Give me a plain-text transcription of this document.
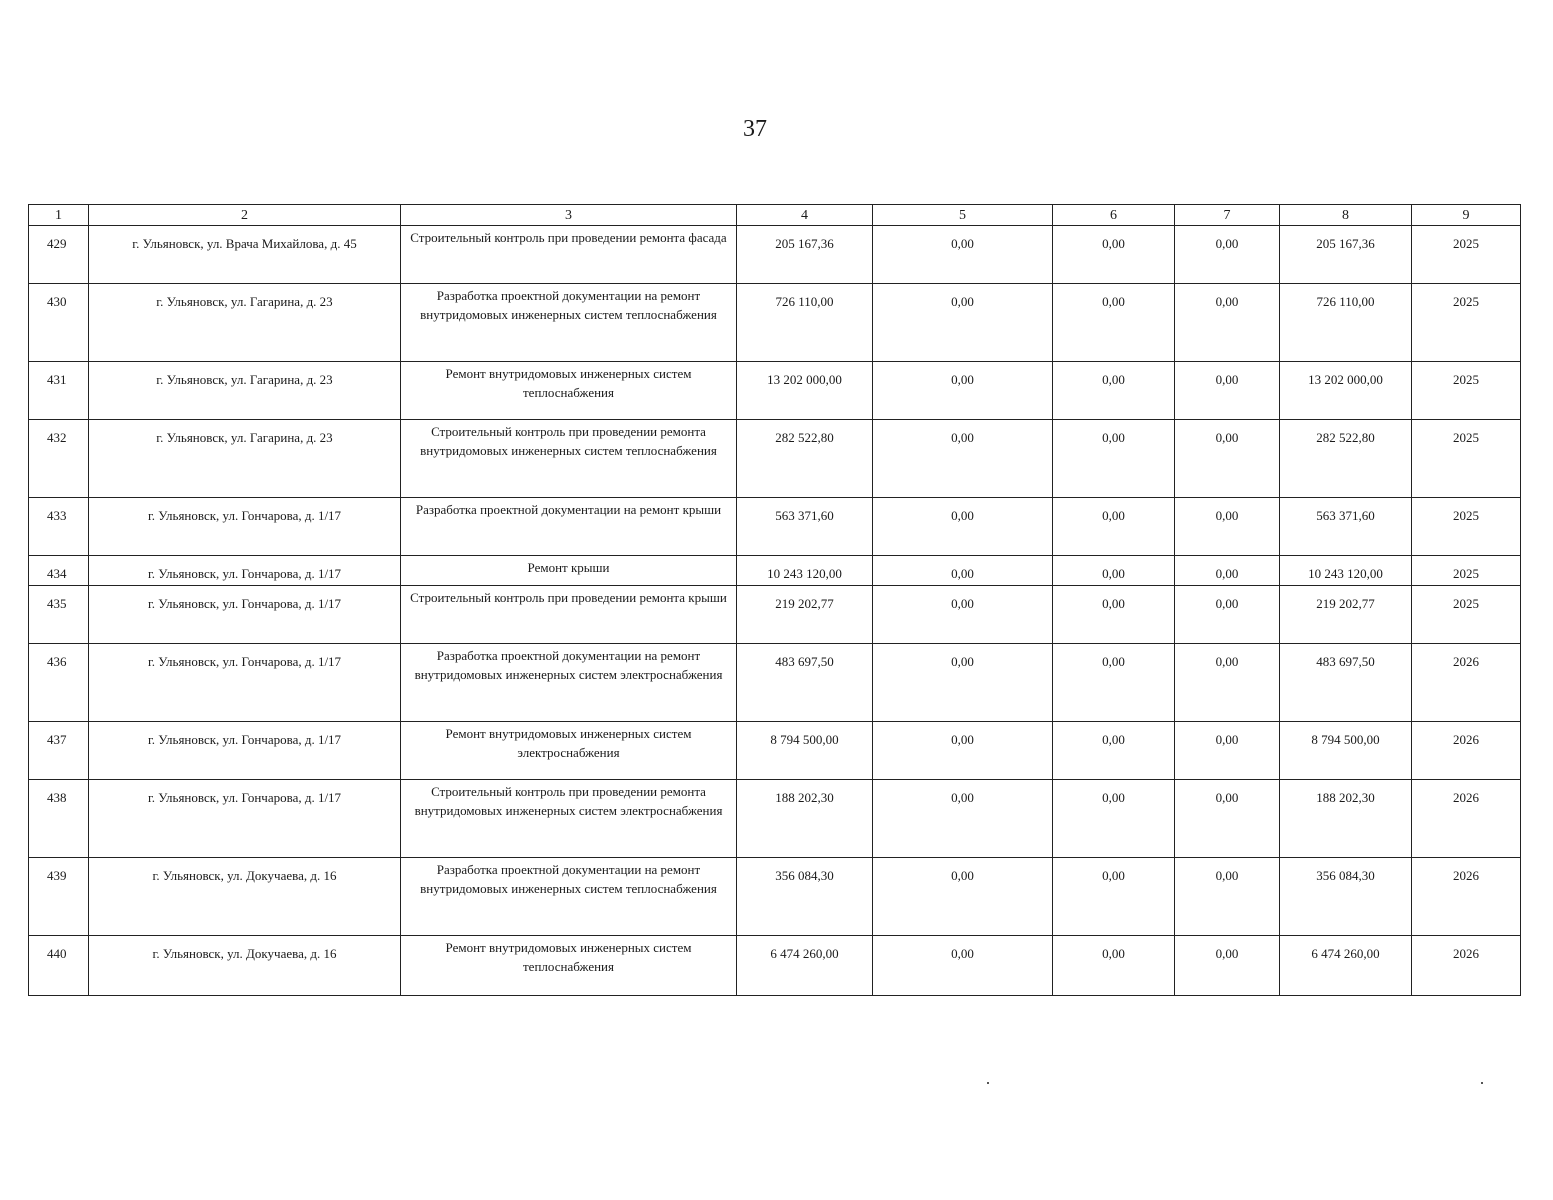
37
1	2	3	4	5	6	7	8	9
429	г. Ульяновск, ул. Врача Михайлова, д. 45	Строительный контроль при проведении ремонта фасада	205 167,36	0,00	0,00	0,00	205 167,36	2025
430	г. Ульяновск, ул. Гагарина, д. 23	Разработка проектной документации на ремонт внутридомовых инженерных систем теплоснабжения	726 110,00	0,00	0,00	0,00	726 110,00	2025
431	г. Ульяновск, ул. Гагарина, д. 23	Ремонт внутридомовых инженерных систем теплоснабжения	13 202 000,00	0,00	0,00	0,00	13 202 000,00	2025
432	г. Ульяновск, ул. Гагарина, д. 23	Строительный контроль при проведении ремонта внутридомовых инженерных систем теплоснабжения	282 522,80	0,00	0,00	0,00	282 522,80	2025
433	г. Ульяновск, ул. Гончарова, д. 1/17	Разработка проектной документации на ремонт крыши	563 371,60	0,00	0,00	0,00	563 371,60	2025
434	г. Ульяновск, ул. Гончарова, д. 1/17	Ремонт крыши	10 243 120,00	0,00	0,00	0,00	10 243 120,00	2025
435	г. Ульяновск, ул. Гончарова, д. 1/17	Строительный контроль при проведении ремонта крыши	219 202,77	0,00	0,00	0,00	219 202,77	2025
436	г. Ульяновск, ул. Гончарова, д. 1/17	Разработка проектной документации на ремонт внутридомовых инженерных систем электроснабжения	483 697,50	0,00	0,00	0,00	483 697,50	2026
437	г. Ульяновск, ул. Гончарова, д. 1/17	Ремонт внутридомовых инженерных систем электроснабжения	8 794 500,00	0,00	0,00	0,00	8 794 500,00	2026
438	г. Ульяновск, ул. Гончарова, д. 1/17	Строительный контроль при проведении ремонта внутридомовых инженерных систем электроснабжения	188 202,30	0,00	0,00	0,00	188 202,30	2026
439	г. Ульяновск, ул. Докучаева, д. 16	Разработка проектной документации на ремонт внутридомовых инженерных систем теплоснабжения	356 084,30	0,00	0,00	0,00	356 084,30	2026
440	г. Ульяновск, ул. Докучаева, д. 16	Ремонт внутридомовых инженерных систем теплоснабжения	6 474 260,00	0,00	0,00	0,00	6 474 260,00	2026
